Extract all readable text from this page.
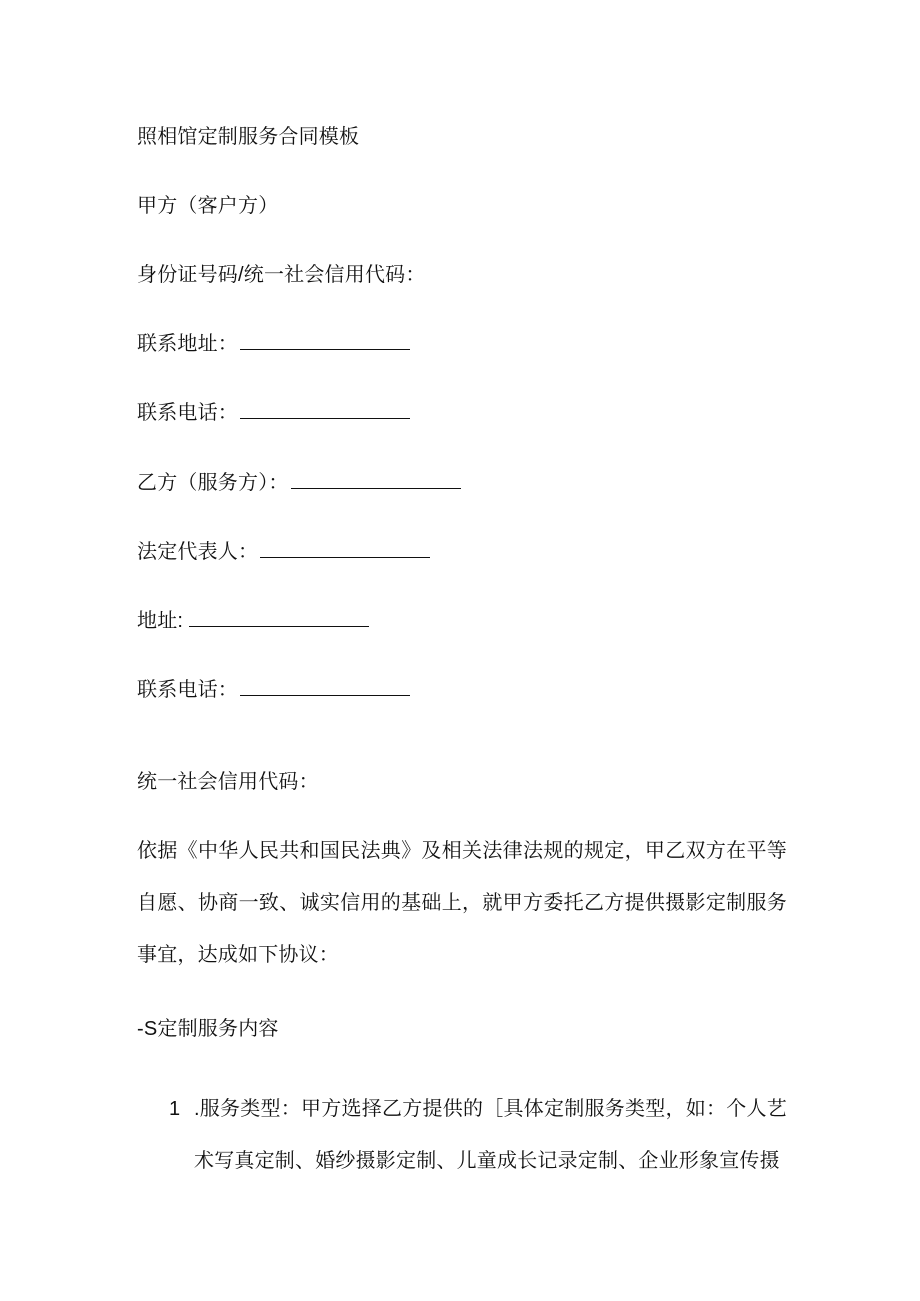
照相馆定制服务合同模板
甲方（客户方）
身份证号码/统一社会信用代码：
联系地址：
联系电话：
乙方（服务方）：
法定代表人：
地址:
联系电话：
统一社会信用代码：
依据《中华人民共和国民法典》及相关法律法规的规定，甲乙双方在平等自愿、协商一致、诚实信用的基础上，就甲方委托乙方提供摄影定制服务事宜，达成如下协议：
-S定制服务内容
1 .服务类型：甲方选择乙方提供的［具体定制服务类型，如：个人艺术写真定制、婚纱摄影定制、儿童成长记录定制、企业形象宣传摄
